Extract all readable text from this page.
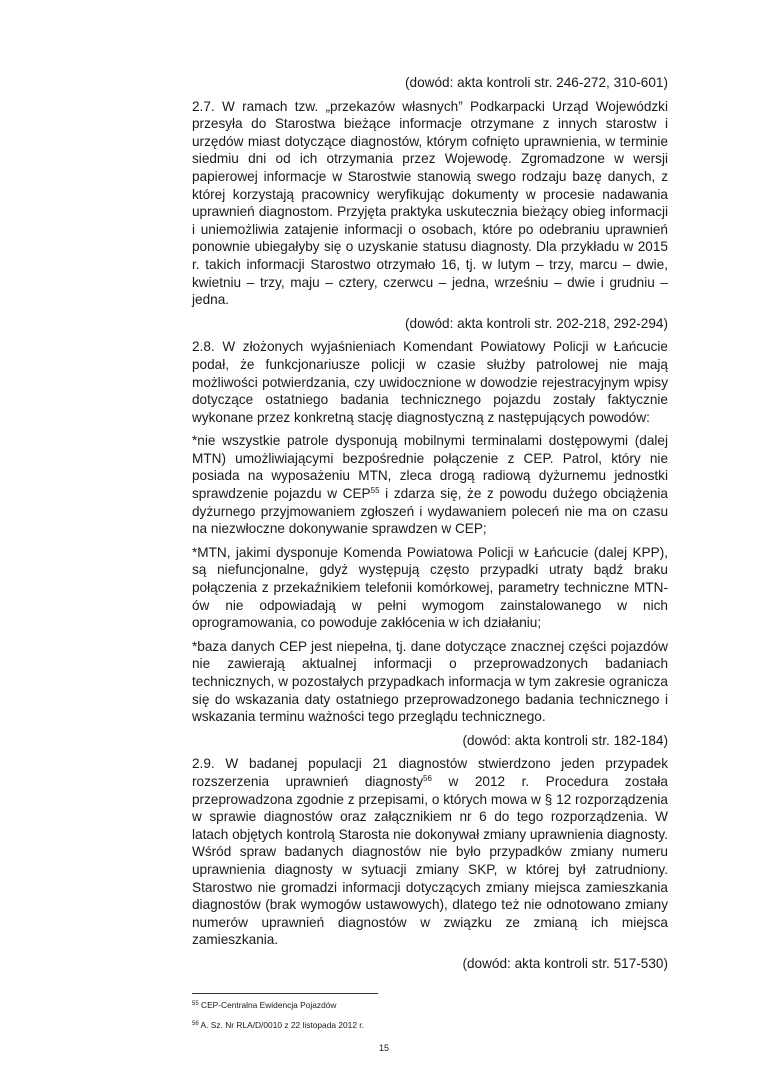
(dowód: akta kontroli str. 246-272, 310-601)

2.7. W ramach tzw. „przekazów własnych” Podkarpacki Urząd Wojewódzki przesyła do Starostwa bieżące informacje otrzymane z innych starostw i urzędów miast dotyczące diagnostów, którym cofnięto uprawnienia, w terminie siedmiu dni od ich otrzymania przez Wojewodę. Zgromadzone w wersji papierowej informacje w Starostwie stanowią swego rodzaju bazę danych, z której korzystają pracownicy weryfikując dokumenty w procesie nadawania uprawnień diagnostom. Przyjęta praktyka uskutecznia bieżący obieg informacji i uniemożliwia zatajenie informacji o osobach, które po odebraniu uprawnień ponownie ubiegałyby się o uzyskanie statusu diagnosty. Dla przykładu w 2015 r. takich informacji Starostwo otrzymało 16, tj. w lutym – trzy, marcu – dwie, kwietniu – trzy, maju – cztery, czerwcu – jedna, wrześniu – dwie i grudniu – jedna.

(dowód: akta kontroli str. 202-218, 292-294)

2.8. W złożonych wyjaśnieniach Komendant Powiatowy Policji w Łańcucie podał, że funkcjonariusze policji w czasie służby patrolowej nie mają możliwości potwierdzania, czy uwidocznione w dowodzie rejestracyjnym wpisy dotyczące ostatniego badania technicznego pojazdu zostały faktycznie wykonane przez konkretną stację diagnostyczną z następujących powodów:

*nie wszystkie patrole dysponują mobilnymi terminalami dostępowymi (dalej MTN) umożliwiającymi bezpośrednie połączenie z CEP. Patrol, który nie posiada na wyposażeniu MTN, zleca drogą radiową dyżurnemu jednostki sprawdzenie pojazdu w CEP$^{55}$ i zdarza się, że z powodu dużego obciążenia dyżurnego przyjmowaniem zgłoszeń i wydawaniem poleceń nie ma on czasu na niezwłoczne dokonywanie sprawdzen w CEP;

*MTN, jakimi dysponuje Komenda Powiatowa Policji w Łańcucie (dalej KPP), są niefuncjonalne, gdyż występują często przypadki utraty bądź braku połączenia z przekaźnikiem telefonii komórkowej, parametry techniczne MTN-ów nie odpowiadają w pełni wymogom zainstalowanego w nich oprogramowania, co powoduje zakłócenia w ich działaniu;

*baza danych CEP jest niepełna, tj. dane dotyczące znacznej części pojazdów nie zawierają aktualnej informacji o przeprowadzonych badaniach technicznych, w pozostałych przypadkach informacja w tym zakresie ogranicza się do wskazania daty ostatniego przeprowadzonego badania technicznego i wskazania terminu ważności tego przeglądu technicznego.

(dowód: akta kontroli str. 182-184)

2.9. W badanej populacji 21 diagnostów stwierdzono jeden przypadek rozszerzenia uprawnień diagnosty$^{56}$ w 2012 r. Procedura została przeprowadzona zgodnie z przepisami, o których mowa w § 12 rozporządzenia w sprawie diagnostów oraz załącznikiem nr 6 do tego rozporządzenia. W latach objętych kontrolą Starosta nie dokonywał zmiany uprawnienia diagnosty. Wśród spraw badanych diagnostów nie było przypadków zmiany numeru uprawnienia diagnosty w sytuacji zmiany SKP, w której był zatrudniony. Starostwo nie gromadzi informacji dotyczących zmiany miejsca zamieszkania diagnostów (brak wymogów ustawowych), dlatego też nie odnotowano zmiany numerów uprawnień diagnostów w związku ze zmianą ich miejsca zamieszkania.

(dowód: akta kontroli str. 517-530)

$^{55}$ CEP-Centralna Ewidencja Pojazdów

$^{56}$ A. Sz. Nr RLA/D/0010 z 22 listopada 2012 r.

15
